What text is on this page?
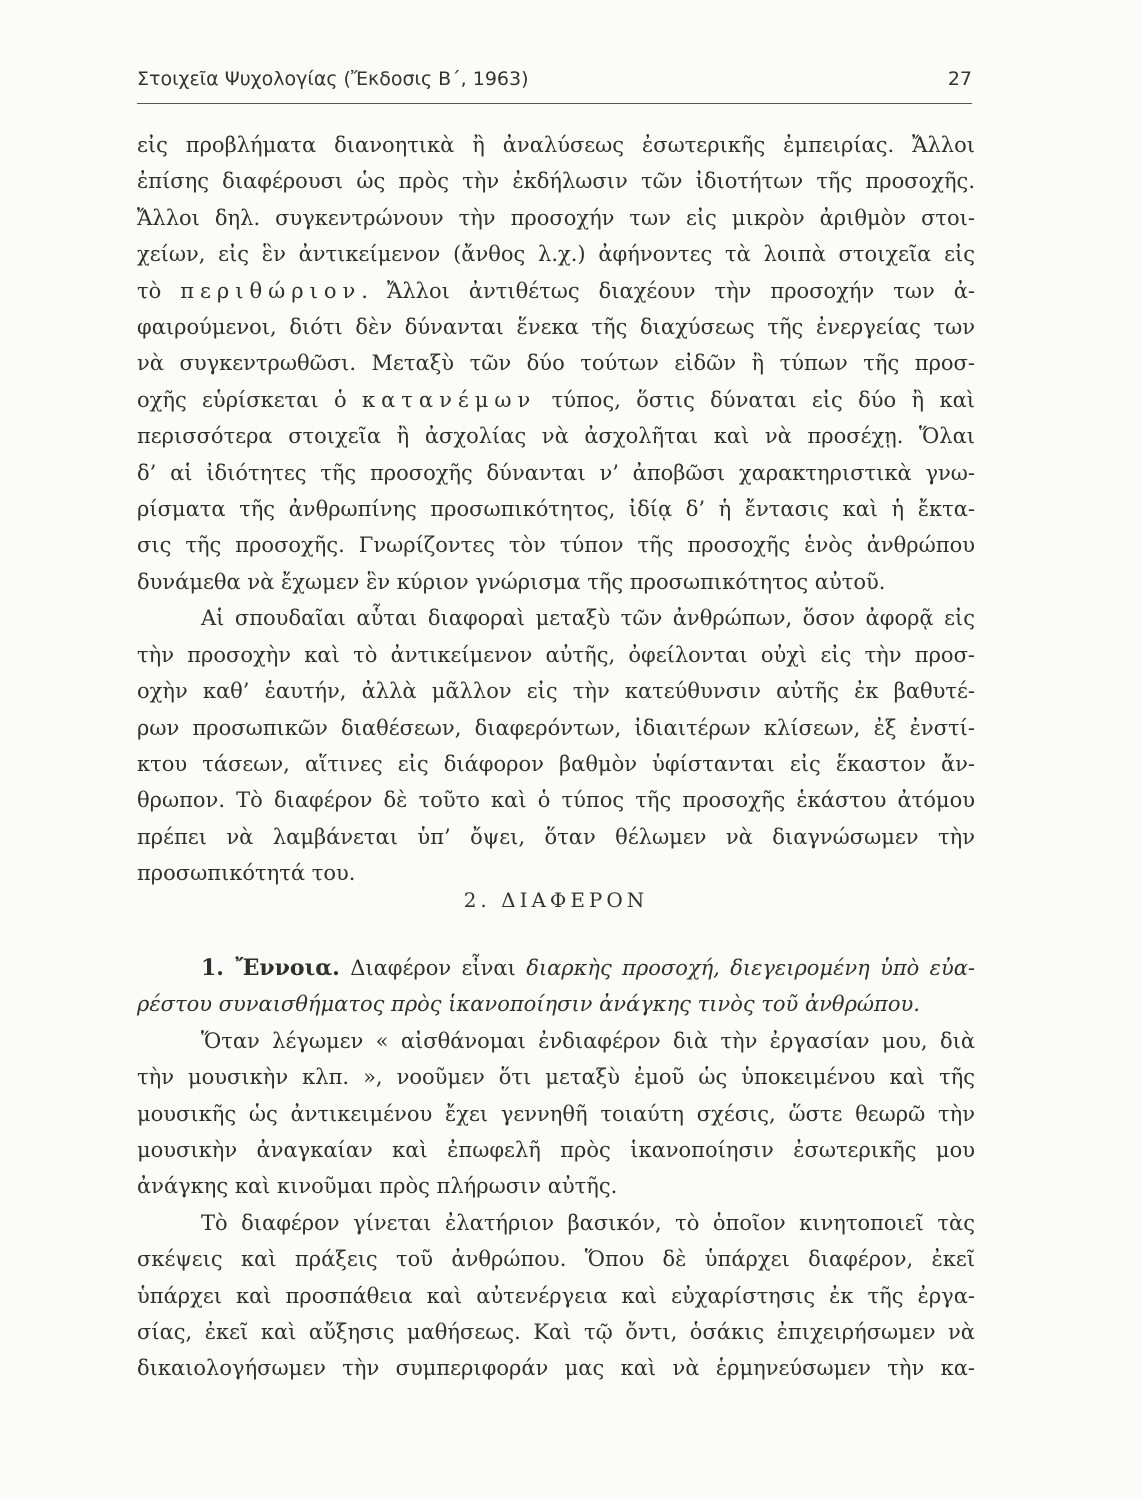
Στοιχεῖα Ψυχολογίας (Ἔκδοσις Β΄, 1963)	27
εἰς προβλήματα διανοητικὰ ἢ ἀναλύσεως ἐσωτερικῆς ἐμπειρίας. Ἄλλοι
ἐπίσης διαφέρουσι ὡς πρὸς τὴν ἐκδήλωσιν τῶν ἰδιοτήτων τῆς προσοχῆς.
Ἄλλοι δηλ. συγκεντρώνουν τὴν προσοχήν των εἰς μικρὸν ἀριθμὸν στοι-
χείων, εἰς ἓν ἀντικείμενον (ἄνθος λ.χ.) ἀφήνοντες τὰ λοιπὰ στοιχεῖα εἰς
τὸ περιθώριον. Ἄλλοι ἀντιθέτως διαχέουν τὴν προσοχήν των ἀ-
φαιρούμενοι, διότι δὲν δύνανται ἕνεκα τῆς διαχύσεως τῆς ἐνεργείας των
νὰ συγκεντρωθῶσι. Μεταξὺ τῶν δύο τούτων εἰδῶν ἢ τύπων τῆς προσ-
οχῆς εὑρίσκεται ὁ κατανέμων τύπος, ὅστις δύναται εἰς δύο ἢ καὶ
περισσότερα στοιχεῖα ἢ ἀσχολίας νὰ ἀσχολῆται καὶ νὰ προσέχῃ. Ὅλαι
δ’ αἱ ἰδιότητες τῆς προσοχῆς δύνανται ν’ ἀποβῶσι χαρακτηριστικὰ γνω-
ρίσματα τῆς ἀνθρωπίνης προσωπικότητος, ἰδίᾳ δ’ ἡ ἔντασις καὶ ἡ ἔκτα-
σις τῆς προσοχῆς. Γνωρίζοντες τὸν τύπον τῆς προσοχῆς ἑνὸς ἀνθρώπου
δυνάμεθα νὰ ἔχωμεν ἓν κύριον γνώρισμα τῆς προσωπικότητος αὐτοῦ.
Αἱ σπουδαῖαι αὗται διαφοραὶ μεταξὺ τῶν ἀνθρώπων, ὅσον ἀφορᾷ εἰς
τὴν προσοχὴν καὶ τὸ ἀντικείμενον αὐτῆς, ὀφείλονται οὐχὶ εἰς τὴν προσ-
οχὴν καθ’ ἑαυτήν, ἀλλὰ μᾶλλον εἰς τὴν κατεύθυνσιν αὐτῆς ἐκ βαθυτέ-
ρων προσωπικῶν διαθέσεων, διαφερόντων, ἰδιαιτέρων κλίσεων, ἐξ ἐνστί-
κτου τάσεων, αἵτινες εἰς διάφορον βαθμὸν ὑφίστανται εἰς ἕκαστον ἄν-
θρωπον. Τὸ διαφέρον δὲ τοῦτο καὶ ὁ τύπος τῆς προσοχῆς ἑκάστου ἀτόμου
πρέπει νὰ λαμβάνεται ὑπ’ ὄψει, ὅταν θέλωμεν νὰ διαγνώσωμεν τὴν
προσωπικότητά του.
2. ΔΙΑΦΕΡΟΝ
1. Ἔννοια. Διαφέρον εἶναι διαρκὴς προσοχή, διεγειρομένη ὑπὸ εὐα-
ρέστου συναισθήματος πρὸς ἱκανοποίησιν ἀνάγκης τινὸς τοῦ ἀνθρώπου.
Ὅταν λέγωμεν « αἰσθάνομαι ἐνδιαφέρον διὰ τὴν ἐργασίαν μου, διὰ
τὴν μουσικὴν κλπ. », νοοῦμεν ὅτι μεταξὺ ἐμοῦ ὡς ὑποκειμένου καὶ τῆς
μουσικῆς ὡς ἀντικειμένου ἔχει γεννηθῆ τοιαύτη σχέσις, ὥστε θεωρῶ τὴν
μουσικὴν ἀναγκαίαν καὶ ἐπωφελῆ πρὸς ἱκανοποίησιν ἐσωτερικῆς μου
ἀνάγκης καὶ κινοῦμαι πρὸς πλήρωσιν αὐτῆς.
Τὸ διαφέρον γίνεται ἐλατήριον βασικόν, τὸ ὁποῖον κινητοποιεῖ τὰς
σκέψεις καὶ πράξεις τοῦ ἀνθρώπου. Ὅπου δὲ ὑπάρχει διαφέρον, ἐκεῖ
ὑπάρχει καὶ προσπάθεια καὶ αὐτενέργεια καὶ εὐχαρίστησις ἐκ τῆς ἐργα-
σίας, ἐκεῖ καὶ αὔξησις μαθήσεως. Καὶ τῷ ὄντι, ὁσάκις ἐπιχειρήσωμεν νὰ
δικαιολογήσωμεν τὴν συμπεριφοράν μας καὶ νὰ ἑρμηνεύσωμεν τὴν κα-
